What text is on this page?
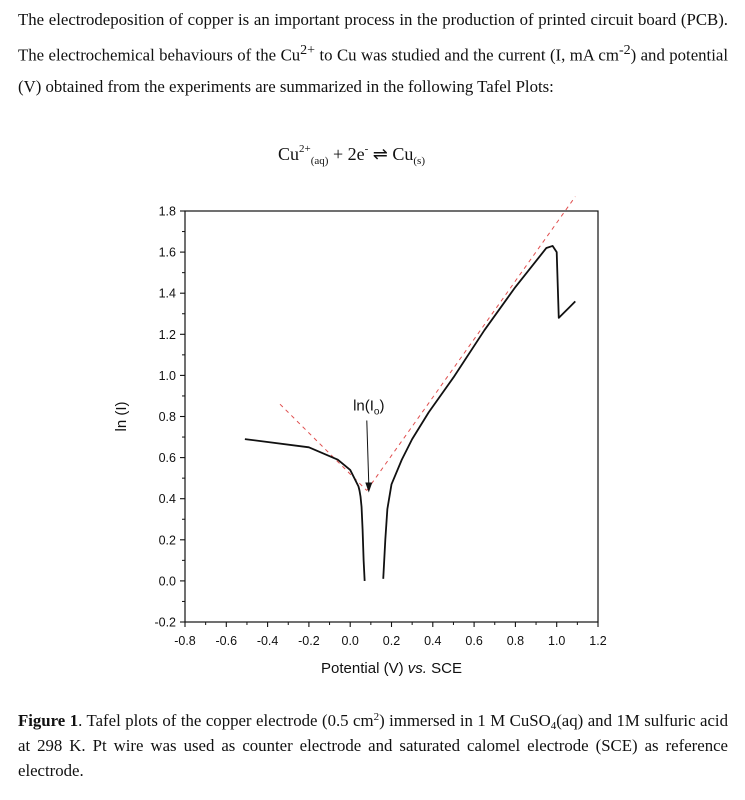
The electrodeposition of copper is an important process in the production of printed circuit board (PCB). The electrochemical behaviours of the $Cu^{2+}$ to Cu was studied and the current (I, mA $cm^{-2}$) and potential (V) obtained from the experiments are summarized in the following Tafel Plots:

$Cu^{2+}_{(aq)} + 2e^-$ ⇌ $Cu_{(s)}$
-0.8 -0.6 -0.4 -0.2 0.0 0.2 0.4 0.6 0.8 1.0 1.2
-0.2
0.0
0.2
0.4
0.6
0.8
1.0
1.2
1.4
1.6
1.8
$\ln(I_o)$
Potential (V) vs. SCE
ln (I)

Figure 1. Tafel plots of the copper electrode (0.5 $cm^2$) immersed in 1 M CuSO$_4$(aq) and 1M sulfuric acid at 298 K. Pt wire was used as counter electrode and saturated calomel electrode (SCE) as reference electrode.
